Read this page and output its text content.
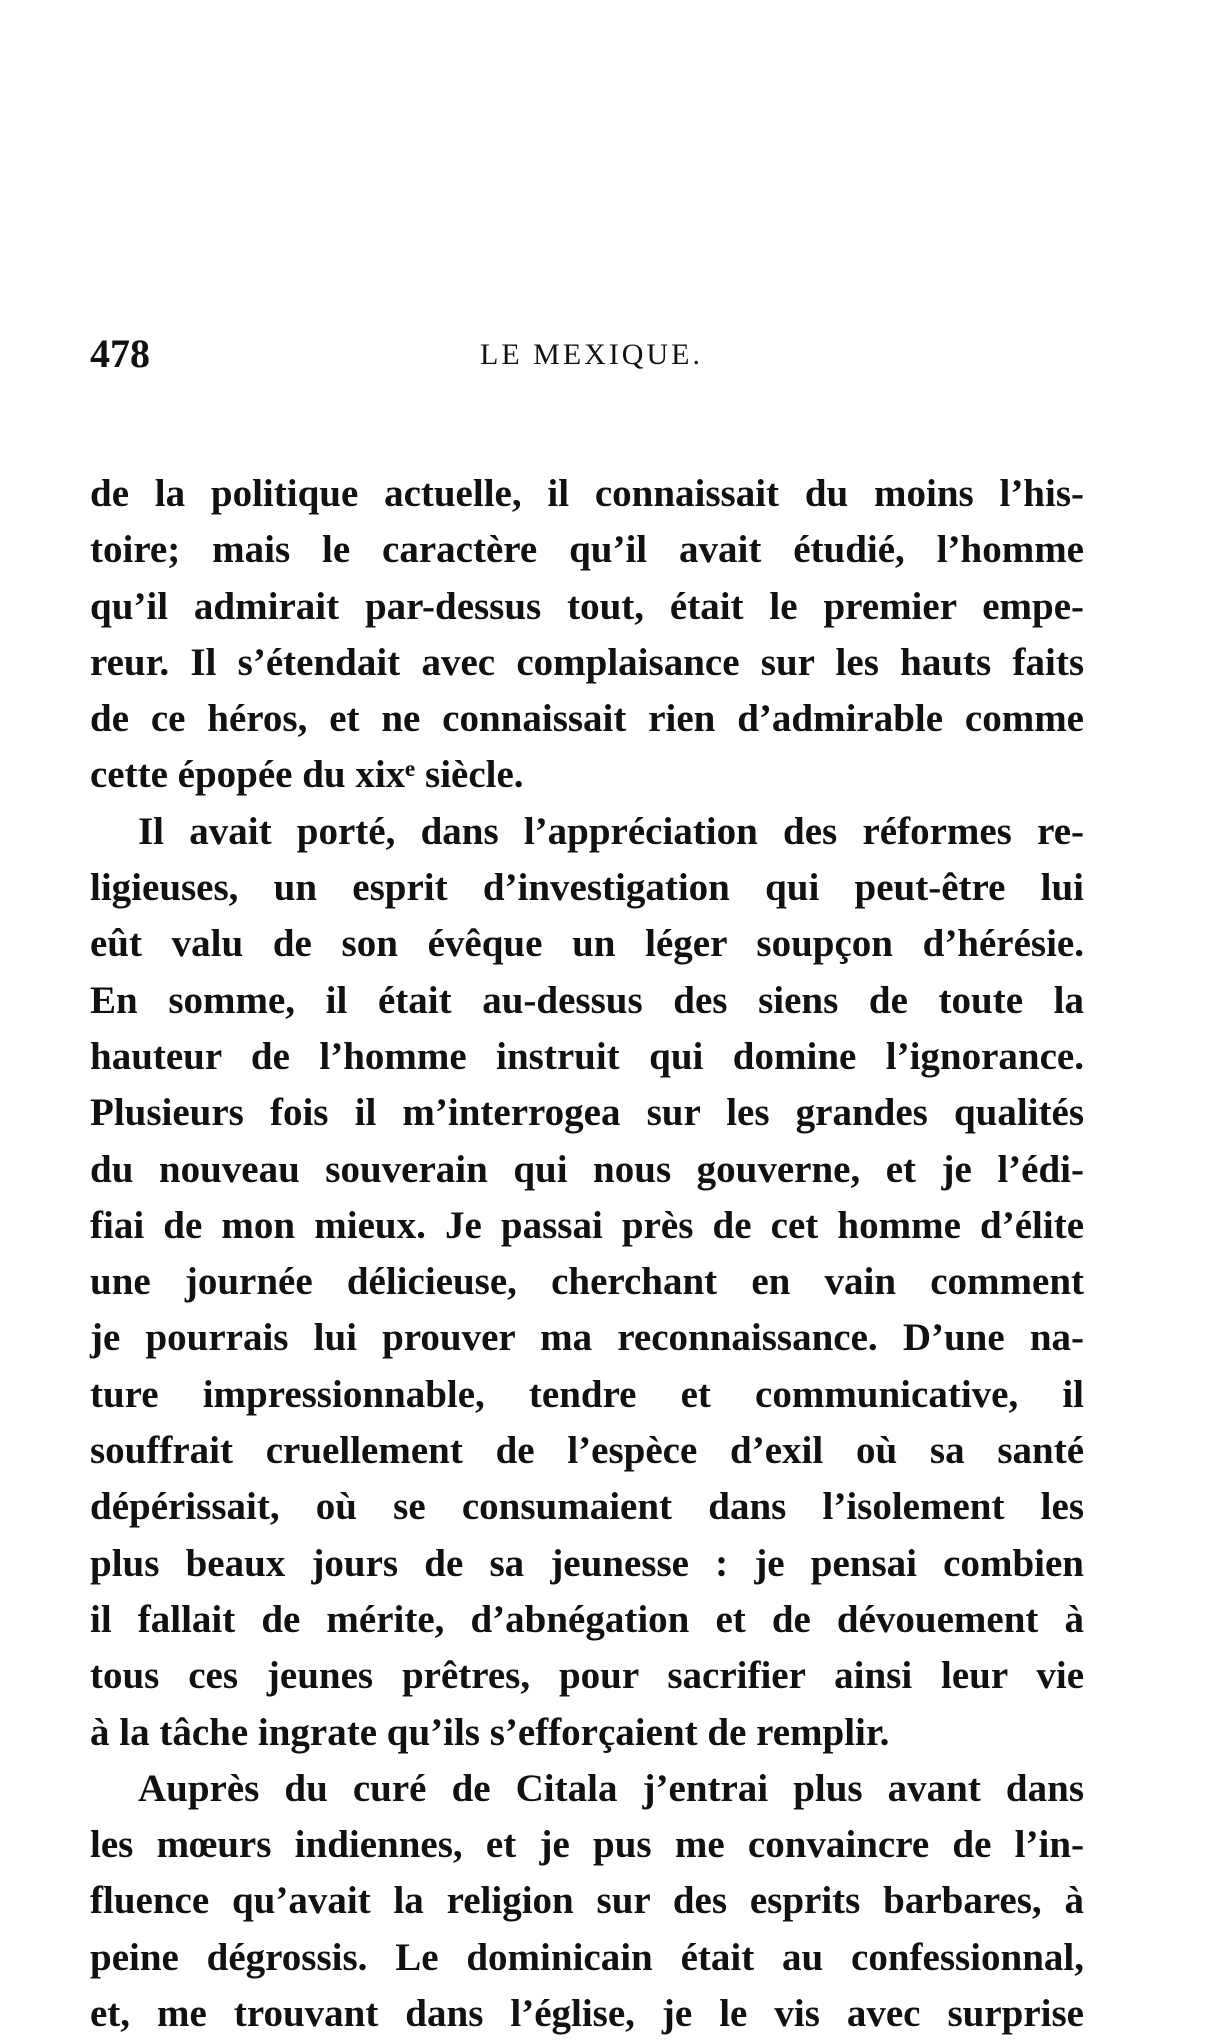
478	LE MEXIQUE.
de la politique actuelle, il connaissait du moins l’his-
toire; mais le caractère qu’il avait étudié, l’homme
qu’il admirait par-dessus tout, était le premier empe-
reur. Il s’étendait avec complaisance sur les hauts faits
de ce héros, et ne connaissait rien d’admirable comme
cette épopée du xixᵉ siècle.
Il avait porté, dans l’appréciation des réformes re-
ligieuses, un esprit d’investigation qui peut-être lui
eût valu de son évêque un léger soupçon d’hérésie.
En somme, il était au-dessus des siens de toute la
hauteur de l’homme instruit qui domine l’ignorance.
Plusieurs fois il m’interrogea sur les grandes qualités
du nouveau souverain qui nous gouverne, et je l’édi-
fiai de mon mieux. Je passai près de cet homme d’élite
une journée délicieuse, cherchant en vain comment
je pourrais lui prouver ma reconnaissance. D’une na-
ture impressionnable, tendre et communicative, il
souffrait cruellement de l’espèce d’exil où sa santé
dépérissait, où se consumaient dans l’isolement les
plus beaux jours de sa jeunesse : je pensai combien
il fallait de mérite, d’abnégation et de dévouement à
tous ces jeunes prêtres, pour sacrifier ainsi leur vie
à la tâche ingrate qu’ils s’efforçaient de remplir.
Auprès du curé de Citala j’entrai plus avant dans
les mœurs indiennes, et je pus me convaincre de l’in-
fluence qu’avait la religion sur des esprits barbares, à
peine dégrossis. Le dominicain était au confessionnal,
et, me trouvant dans l’église, je le vis avec surprise
